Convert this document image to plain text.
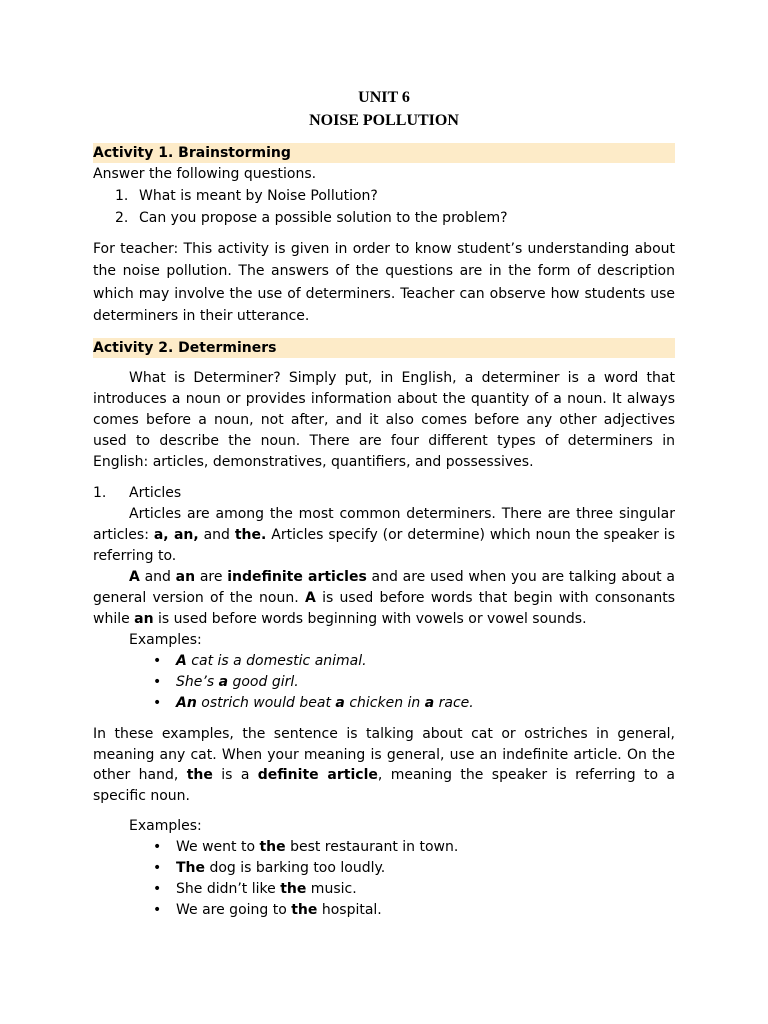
UNIT 6
NOISE POLLUTION
Activity 1. Brainstorming

Answer the following questions.

1. What is meant by Noise Pollution?
2. Can you propose a possible solution to the problem?

For teacher: This activity is given in order to know student’s understanding about the noise pollution. The answers of the questions are in the form of description which may involve the use of determiners. Teacher can observe how students use determiners in their utterance.

Activity 2. Determiners

What is Determiner? Simply put, in English, a determiner is a word that introduces a noun or provides information about the quantity of a noun. It always comes before a noun, not after, and it also comes before any other adjectives used to describe the noun. There are four different types of determiners in English: articles, demonstratives, quantifiers, and possessives.

1. Articles

Articles are among the most common determiners. There are three singular articles: a, an, and the. Articles specify (or determine) which noun the speaker is referring to.

A and an are indefinite articles and are used when you are talking about a general version of the noun. A is used before words that begin with consonants while an is used before words beginning with vowels or vowel sounds.

Examples:

• A cat is a domestic animal.
• She’s a good girl.
• An ostrich would beat a chicken in a race.

In these examples, the sentence is talking about cat or ostriches in general, meaning any cat. When your meaning is general, use an indefinite article. On the other hand, the is a definite article, meaning the speaker is referring to a specific noun.

Examples:

• We went to the best restaurant in town.
• The dog is barking too loudly.
• She didn’t like the music.
• We are going to the hospital.
